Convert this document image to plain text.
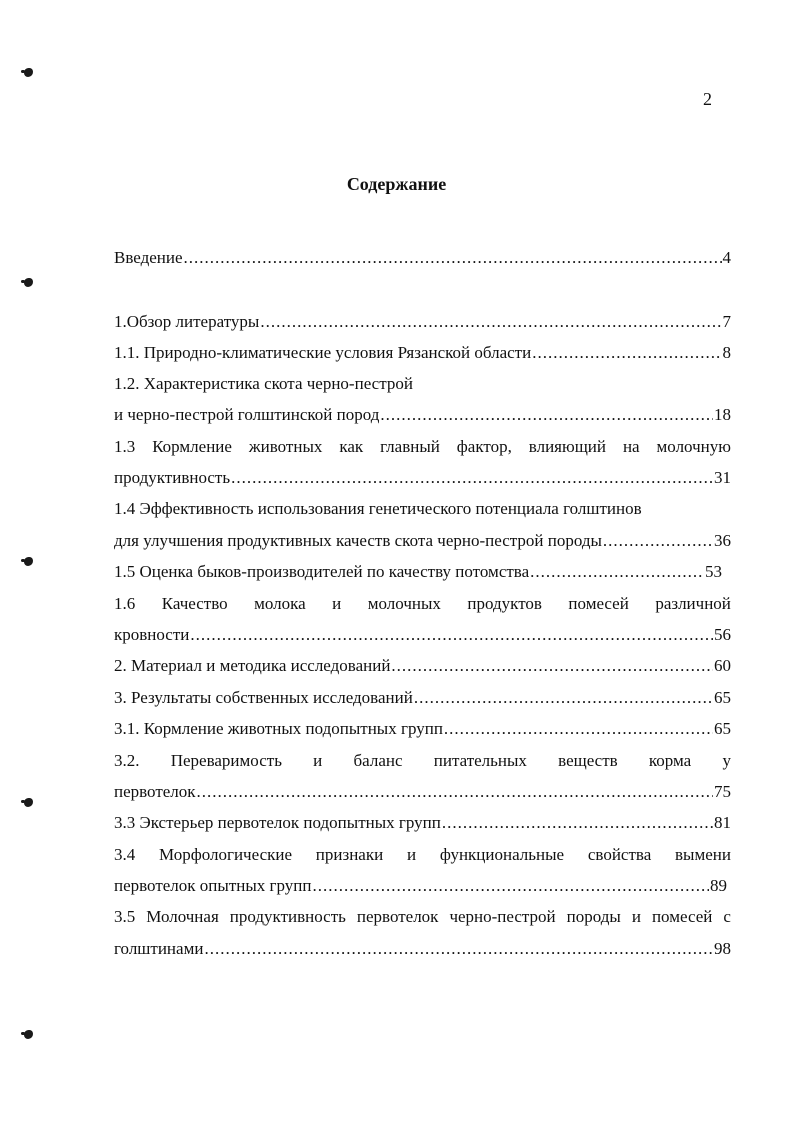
2
Содержание
Введение .....	4
1.Обзор литературы .....	7
1.1. Природно-климатические условия Рязанской области .....	8
1.2. Характеристика скота черно-пестрой
и черно-пестрой голштинской пород .....	18
1.3 Кормление животных как главный фактор, влияющий на молочную
продуктивность .....	31
1.4 Эффективность использования генетического потенциала голштинов
для улучшения продуктивных качеств скота черно-пестрой породы .....	36
1.5 Оценка быков-производителей по качеству потомства .....	53
1.6 Качество молока и молочных продуктов помесей различной
кровности .....	56
2. Материал и методика исследований .....	60
3. Результаты собственных исследований .....	65
3.1. Кормление животных подопытных групп .....	65
3.2. Переваримость и баланс питательных веществ корма у
первотелок .....	75
3.3 Экстерьер первотелок подопытных групп .....	81
3.4 Морфологические признаки и функциональные свойства вымени
первотелок опытных групп .....	89
3.5 Молочная продуктивность первотелок черно-пестрой породы и помесей с
голштинами .....	98
